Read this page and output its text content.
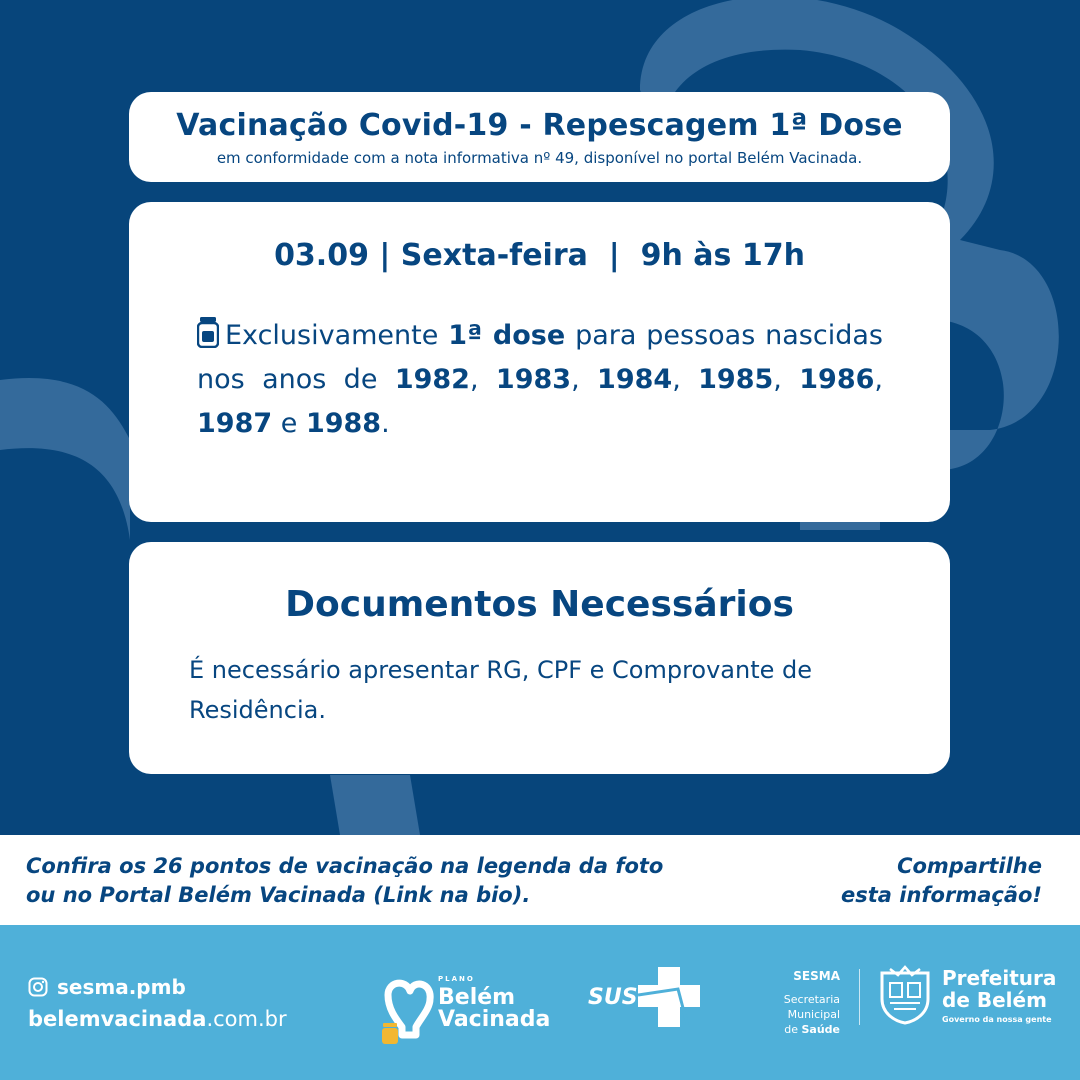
Vacinação Covid-19 - Repescagem 1ª Dose
em conformidade com a nota informativa nº 49, disponível no portal Belém Vacinada.
03.09 | Sexta-feira  |  9h às 17h
Exclusivamente 1ª dose para pessoas nascidas nos anos de 1982, 1983, 1984, 1985, 1986, 1987 e 1988.
Documentos Necessários
É necessário apresentar RG, CPF e Comprovante de Residência.
Confira os 26 pontos de vacinação na legenda da foto
ou no Portal Belém Vacinada (Link na bio).
Compartilhe
esta informação!
sesma.pmb
belemvacinada.com.br
PLANO
Belém
Vacinada
SUS
SESMA
Secretaria Municipal
de Saúde
Prefeitura
de Belém
Governo da nossa gente
